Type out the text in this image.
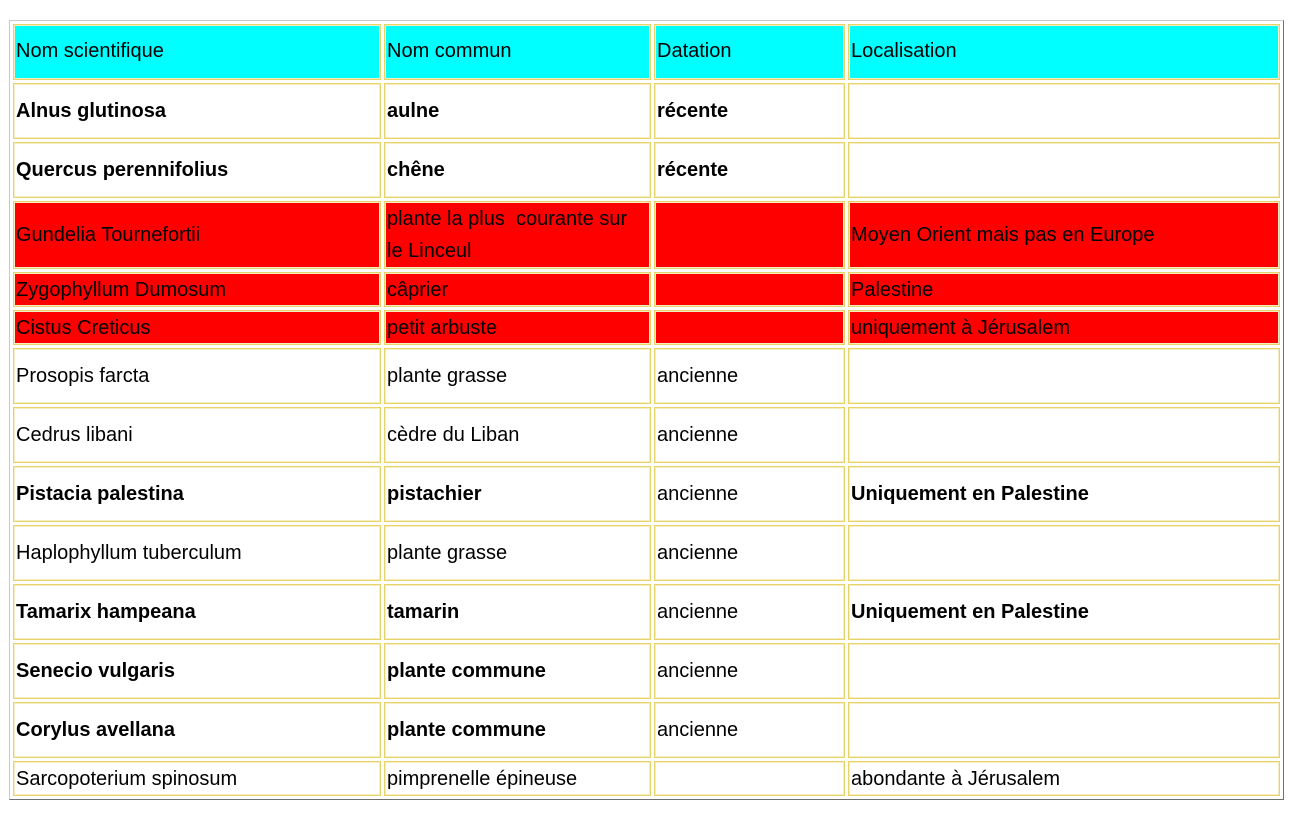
Nom scientifique	Nom commun	Datation	Localisation
Alnus glutinosa	aulne	récente	
Quercus perennifolius	chêne	récente	
Gundelia Tournefortii	plante la plus  courante sur le Linceul		Moyen Orient mais pas en Europe
Zygophyllum Dumosum	câprier		Palestine
Cistus Creticus	petit arbuste		uniquement à Jérusalem
Prosopis farcta	plante grasse	ancienne	
Cedrus libani	cèdre du Liban	ancienne	
Pistacia palestina	pistachier	ancienne	Uniquement en Palestine
Haplophyllum tuberculum	plante grasse	ancienne	
Tamarix hampeana	tamarin	ancienne	Uniquement en Palestine
Senecio vulgaris	plante commune	ancienne	
Corylus avellana	plante commune	ancienne	
Sarcopoterium spinosum	pimprenelle épineuse		abondante à Jérusalem
